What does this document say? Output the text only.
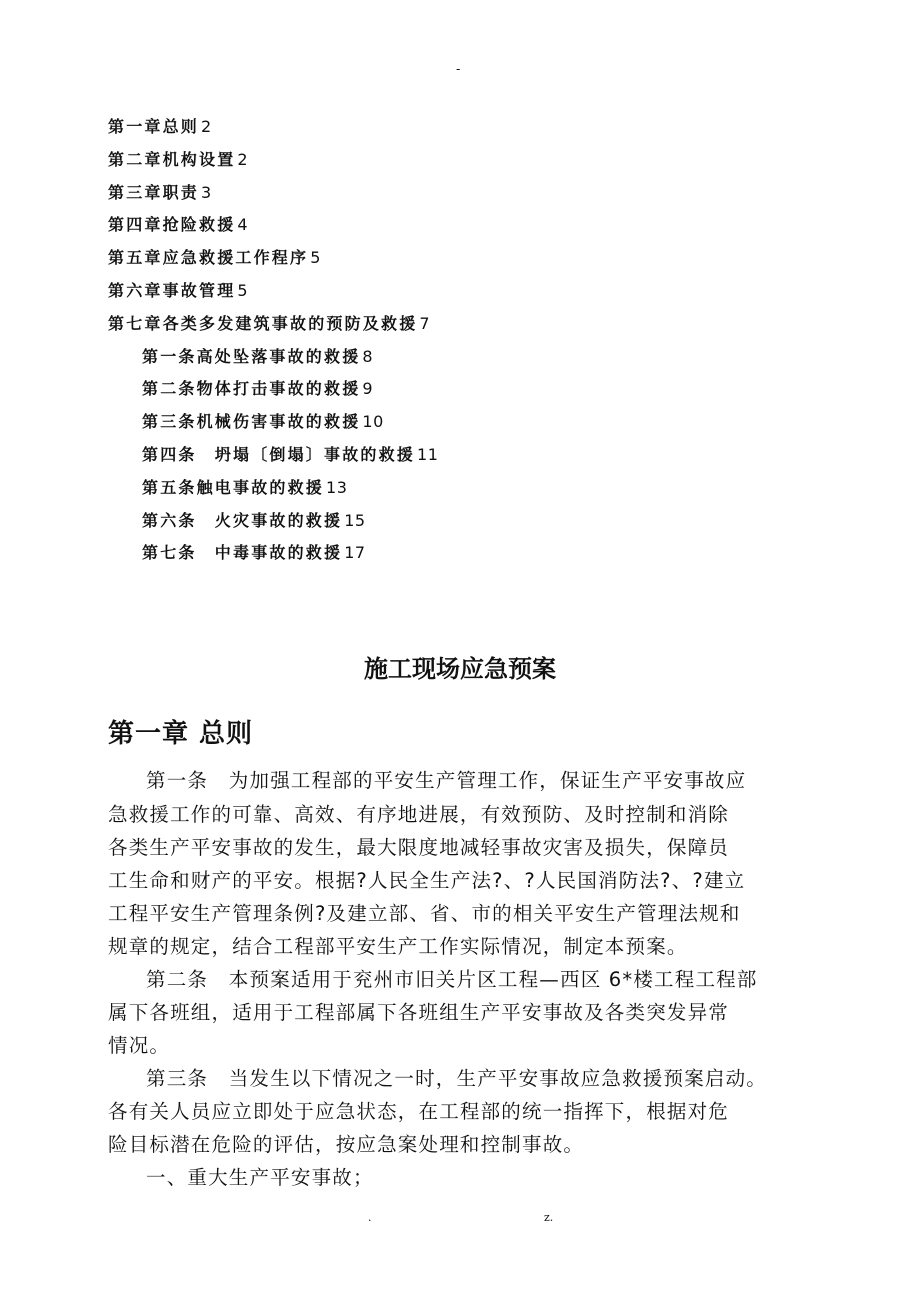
-
第一章总则 2
第二章机构设置 2
第三章职责 3
第四章抢险救援 4
第五章应急救援工作程序 5
第六章事故管理 5
第七章各类多发建筑事故的预防及救援 7
第一条高处坠落事故的救援 8
第二条物体打击事故的救援 9
第三条机械伤害事故的救援 10
第四条　坍塌〔倒塌〕事故的救援 11
第五条触电事故的救援 13
第六条　火灾事故的救援 15
第七条　中毒事故的救援 17
施工现场应急预案
第一章 总则
第一条　为加强工程部的平安生产管理工作，保证生产平安事故应
急救援工作的可靠、高效、有序地进展，有效预防、及时控制和消除
各类生产平安事故的发生，最大限度地减轻事故灾害及损失，保障员
工生命和财产的平安。根据?人民全生产法?、?人民国消防法?、?建立
工程平安生产管理条例?及建立部、省、市的相关平安生产管理法规和
规章的规定，结合工程部平安生产工作实际情况，制定本预案。
第二条　本预案适用于兖州市旧关片区工程—西区 6*楼工程工程部
属下各班组，适用于工程部属下各班组生产平安事故及各类突发异常
情况。
第三条　当发生以下情况之一时，生产平安事故应急救援预案启动。
各有关人员应立即处于应急状态，在工程部的统一指挥下，根据对危
险目标潜在危险的评估，按应急案处理和控制事故。
一、重大生产平安事故；
.	z.
